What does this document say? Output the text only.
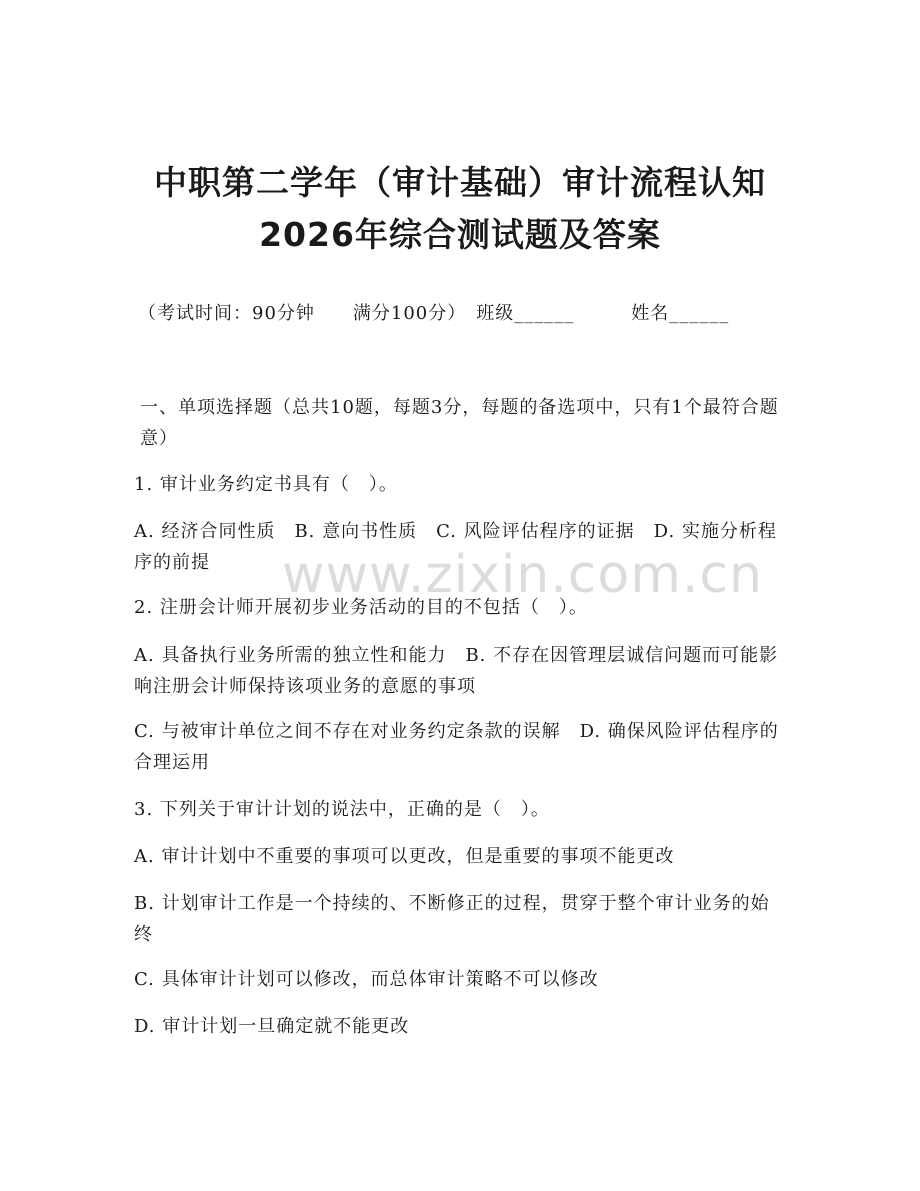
中职第二学年（审计基础）审计流程认知
2026年综合测试题及答案
（考试时间：90分钟　　满分100分）　班级______　　　姓名______
一、单项选择题（总共10题，每题3分，每题的备选项中，只有1个最符合题意）
1. 审计业务约定书具有（　）。
A. 经济合同性质　B. 意向书性质　C. 风险评估程序的证据　D. 实施分析程序的前提
2. 注册会计师开展初步业务活动的目的不包括（　）。
A. 具备执行业务所需的独立性和能力　B. 不存在因管理层诚信问题而可能影响注册会计师保持该项业务的意愿的事项
C. 与被审计单位之间不存在对业务约定条款的误解　D. 确保风险评估程序的合理运用
3. 下列关于审计计划的说法中，正确的是（　）。
A. 审计计划中不重要的事项可以更改，但是重要的事项不能更改
B. 计划审计工作是一个持续的、不断修正的过程，贯穿于整个审计业务的始终
C. 具体审计计划可以修改，而总体审计策略不可以修改
D. 审计计划一旦确定就不能更改
www.zixin.com.cn
